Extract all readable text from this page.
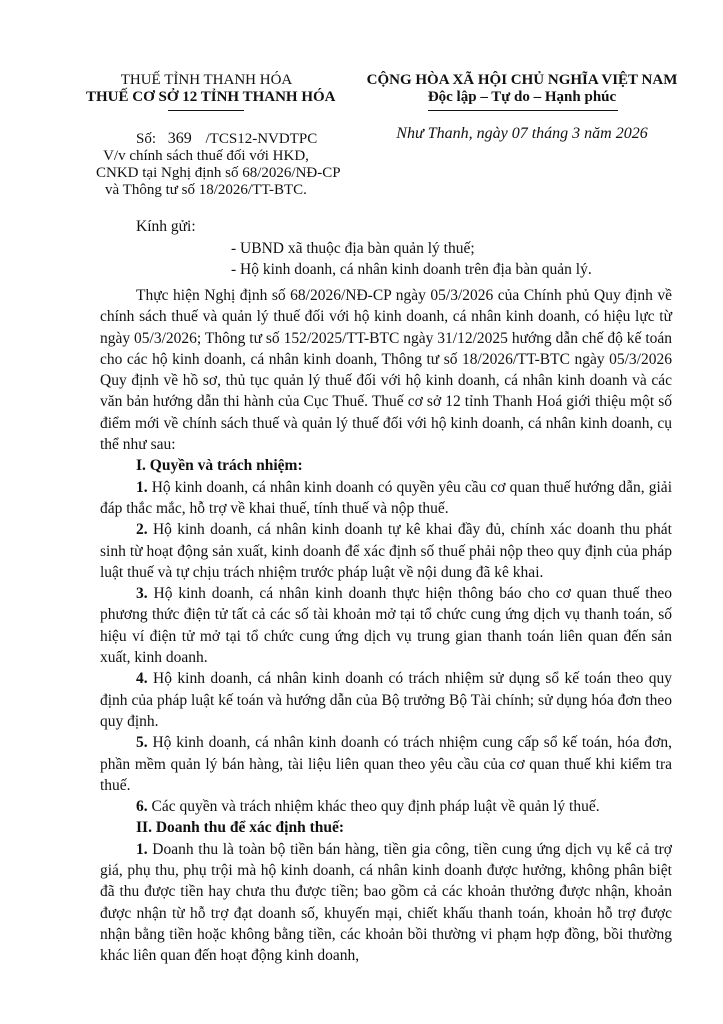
THUẾ TỈNH THANH HÓA
THUẾ CƠ SỞ 12 TỈNH THANH HÓA
CỘNG HÒA XÃ HỘI CHỦ NGHĨA VIỆT NAM
Độc lập – Tự do – Hạnh phúc
Số: 369 /TCS12-NVDTPC
V/v chính sách thuế đối với HKD,
CNKD tại Nghị định số 68/2026/NĐ-CP
và Thông tư số 18/2026/TT-BTC.
Như Thanh, ngày 07 tháng 3 năm 2026
Kính gửi:
- UBND xã thuộc địa bàn quản lý thuế;
- Hộ kinh doanh, cá nhân kinh doanh trên địa bàn quản lý.

Thực hiện Nghị định số 68/2026/NĐ-CP ngày 05/3/2026 của Chính phủ Quy định về chính sách thuế và quản lý thuế đối với hộ kinh doanh, cá nhân kinh doanh, có hiệu lực từ ngày 05/3/2026; Thông tư số 152/2025/TT-BTC ngày 31/12/2025 hướng dẫn chế độ kế toán cho các hộ kinh doanh, cá nhân kinh doanh, Thông tư số 18/2026/TT-BTC ngày 05/3/2026 Quy định về hồ sơ, thủ tục quản lý thuế đối với hộ kinh doanh, cá nhân kinh doanh và các văn bản hướng dẫn thi hành của Cục Thuế. Thuế cơ sở 12 tỉnh Thanh Hoá giới thiệu một số điểm mới về chính sách thuế và quản lý thuế đối với hộ kinh doanh, cá nhân kinh doanh, cụ thể như sau:

I. Quyền và trách nhiệm:

1. Hộ kinh doanh, cá nhân kinh doanh có quyền yêu cầu cơ quan thuế hướng dẫn, giải đáp thắc mắc, hỗ trợ về khai thuế, tính thuế và nộp thuế.

2. Hộ kinh doanh, cá nhân kinh doanh tự kê khai đầy đủ, chính xác doanh thu phát sinh từ hoạt động sản xuất, kinh doanh để xác định số thuế phải nộp theo quy định của pháp luật thuế và tự chịu trách nhiệm trước pháp luật về nội dung đã kê khai.

3. Hộ kinh doanh, cá nhân kinh doanh thực hiện thông báo cho cơ quan thuế theo phương thức điện tử tất cả các số tài khoản mở tại tổ chức cung ứng dịch vụ thanh toán, số hiệu ví điện tử mở tại tổ chức cung ứng dịch vụ trung gian thanh toán liên quan đến sản xuất, kinh doanh.

4. Hộ kinh doanh, cá nhân kinh doanh có trách nhiệm sử dụng sổ kế toán theo quy định của pháp luật kế toán và hướng dẫn của Bộ trưởng Bộ Tài chính; sử dụng hóa đơn theo quy định.

5. Hộ kinh doanh, cá nhân kinh doanh có trách nhiệm cung cấp sổ kế toán, hóa đơn, phần mềm quản lý bán hàng, tài liệu liên quan theo yêu cầu của cơ quan thuế khi kiểm tra thuế.

6. Các quyền và trách nhiệm khác theo quy định pháp luật về quản lý thuế.

II. Doanh thu để xác định thuế:

1. Doanh thu là toàn bộ tiền bán hàng, tiền gia công, tiền cung ứng dịch vụ kể cả trợ giá, phụ thu, phụ trội mà hộ kinh doanh, cá nhân kinh doanh được hưởng, không phân biệt đã thu được tiền hay chưa thu được tiền; bao gồm cả các khoản thưởng được nhận, khoản được nhận từ hỗ trợ đạt doanh số, khuyến mại, chiết khấu thanh toán, khoản hỗ trợ được nhận bằng tiền hoặc không bằng tiền, các khoản bồi thường vi phạm hợp đồng, bồi thường khác liên quan đến hoạt động kinh doanh,
